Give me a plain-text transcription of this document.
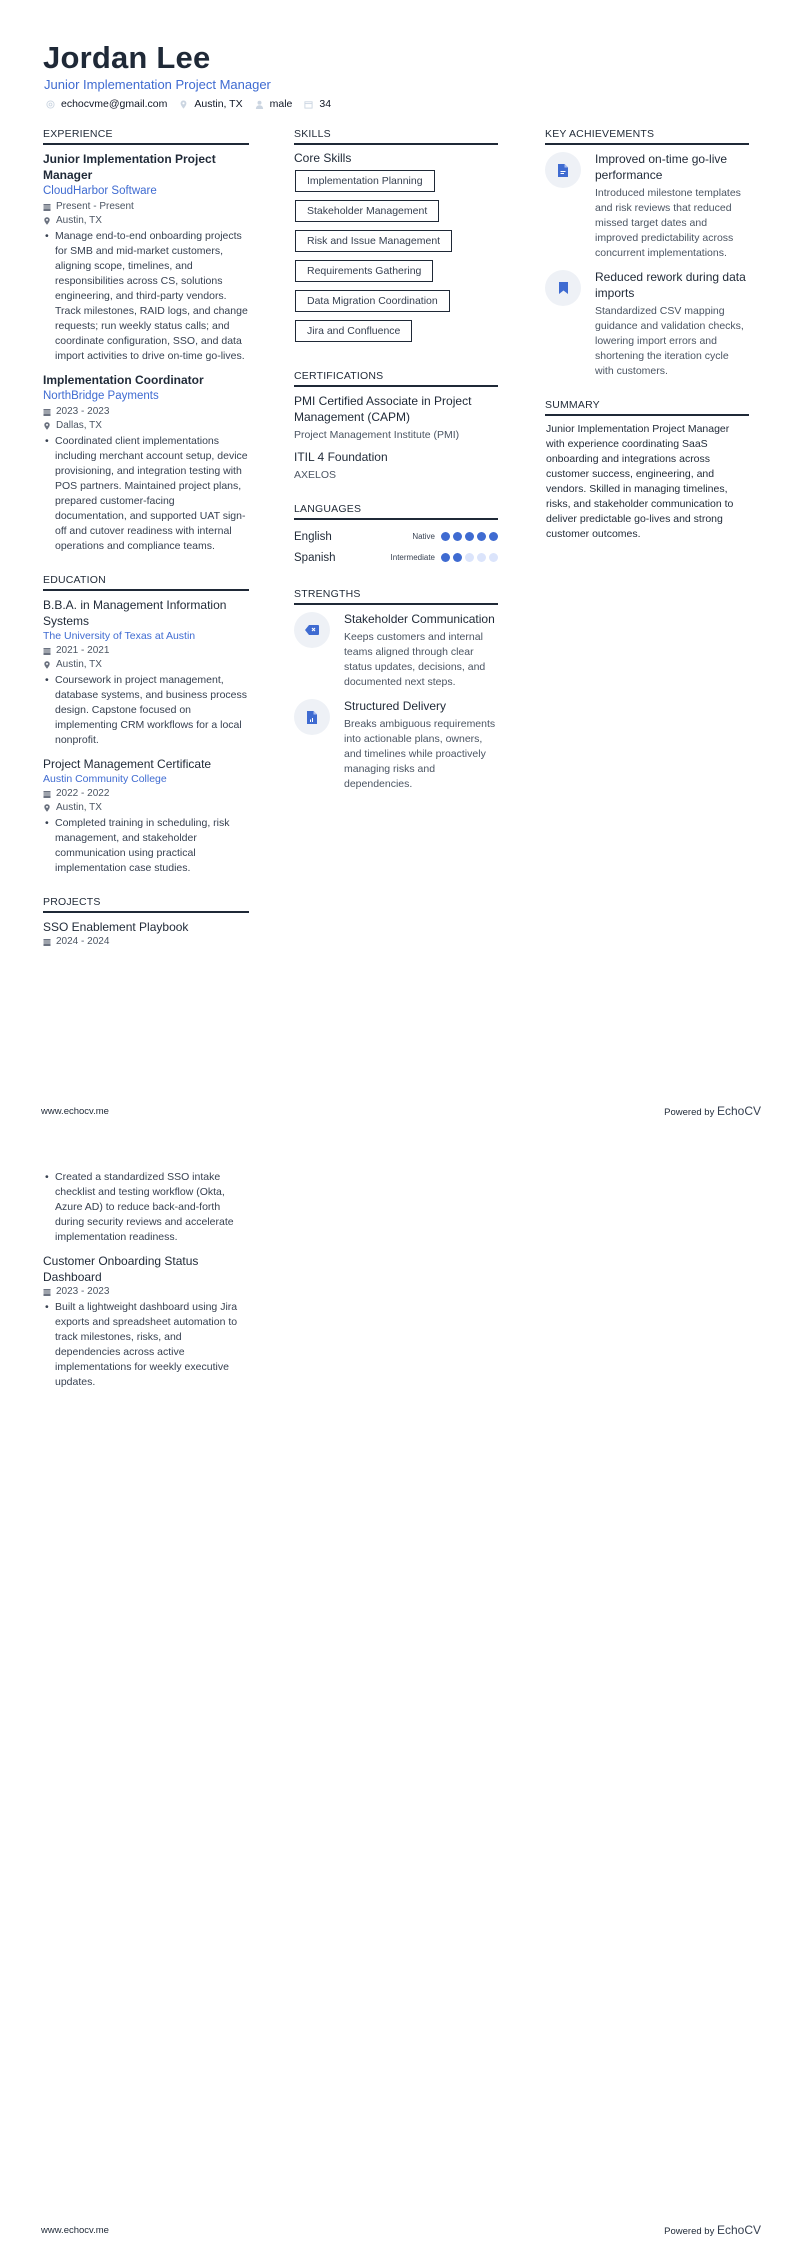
Jordan Lee
Junior Implementation Project Manager
echocvme@gmail.com	Austin, TX	male	34
EXPERIENCE
Junior Implementation Project Manager
CloudHarbor Software
Present - Present
Austin, TX
• Manage end-to-end onboarding projects for SMB and mid-market customers, aligning scope, timelines, and responsibilities across CS, solutions engineering, and third-party vendors. Track milestones, RAID logs, and change requests; run weekly status calls; and coordinate configuration, SSO, and data import activities to drive on-time go-lives.
Implementation Coordinator
NorthBridge Payments
2023 - 2023
Dallas, TX
• Coordinated client implementations including merchant account setup, device provisioning, and integration testing with POS partners. Maintained project plans, prepared customer-facing documentation, and supported UAT sign-off and cutover readiness with internal operations and compliance teams.
EDUCATION
B.B.A. in Management Information Systems
The University of Texas at Austin
2021 - 2021
Austin, TX
• Coursework in project management, database systems, and business process design. Capstone focused on implementing CRM workflows for a local nonprofit.
Project Management Certificate
Austin Community College
2022 - 2022
Austin, TX
• Completed training in scheduling, risk management, and stakeholder communication using practical implementation case studies.
PROJECTS
SSO Enablement Playbook
2024 - 2024
SKILLS
Core Skills
Implementation Planning
Stakeholder Management
Risk and Issue Management
Requirements Gathering
Data Migration Coordination
Jira and Confluence
CERTIFICATIONS
PMI Certified Associate in Project Management (CAPM)
Project Management Institute (PMI)
ITIL 4 Foundation
AXELOS
LANGUAGES
English	Native
Spanish	Intermediate
STRENGTHS
Stakeholder Communication
Keeps customers and internal teams aligned through clear status updates, decisions, and documented next steps.
Structured Delivery
Breaks ambiguous requirements into actionable plans, owners, and timelines while proactively managing risks and dependencies.
KEY ACHIEVEMENTS
Improved on-time go-live performance
Introduced milestone templates and risk reviews that reduced missed target dates and improved predictability across concurrent implementations.
Reduced rework during data imports
Standardized CSV mapping guidance and validation checks, lowering import errors and shortening the iteration cycle with customers.
SUMMARY
Junior Implementation Project Manager with experience coordinating SaaS onboarding and integrations across customer success, engineering, and vendors. Skilled in managing timelines, risks, and stakeholder communication to deliver predictable go-lives and strong customer outcomes.
www.echocv.me	Powered by EchoCV
• Created a standardized SSO intake checklist and testing workflow (Okta, Azure AD) to reduce back-and-forth during security reviews and accelerate implementation readiness.
Customer Onboarding Status Dashboard
2023 - 2023
• Built a lightweight dashboard using Jira exports and spreadsheet automation to track milestones, risks, and dependencies across active implementations for weekly executive updates.
www.echocv.me	Powered by EchoCV
